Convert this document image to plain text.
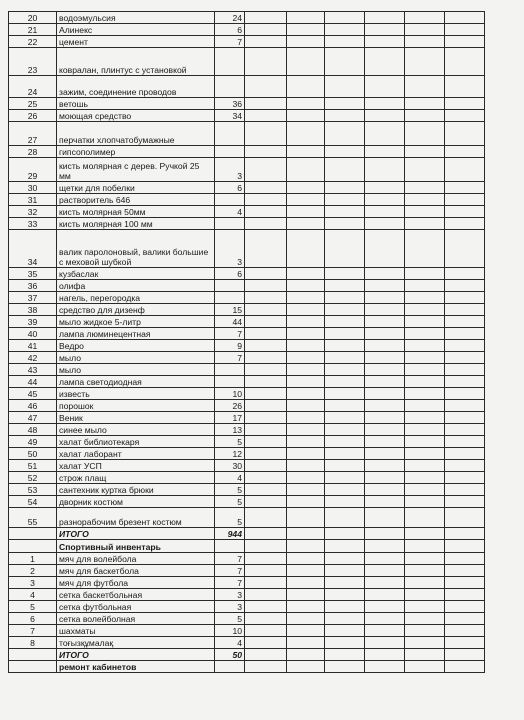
20	водоэмульсия	24						
21	Алинекс	6						
22	цемент	7						
23	ковралан, плинтус с установкой							
24	зажим, соединение проводов							
25	ветошь	36						
26	моющая средство	34						
27	перчатки хлопчатобумажные							
28	гипсополимер							
29	кисть молярная с дерев. Ручкой 25 мм	3						
30	щетки для побелки	6						
31	растворитель 646							
32	кисть молярная 50мм	4						
33	кисть молярная 100 мм							
34	валик паролоновый, валики большие с меховой шубкой	3						
35	кузбаслак	6						
36	олифа							
37	нагель, перегородка							
38	средство для дизенф	15						
39	мыло жидкое 5-литр	44						
40	лампа люминецентная	7						
41	Ведро	9						
42	мыло	7						
43	мыло							
44	лампа светодиодная							
45	известь	10						
46	порошок	26						
47	Веник	17						
48	синее мыло	13						
49	халат библиотекаря	5						
50	халат лаборант	12						
51	халат УСП	30						
52	строж плащ	4						
53	сантехник куртка брюки	5						
54	дворник костюм	5						
55	разнорабочим брезент костюм	5						
	ИТОГО	944						
	Спортивный инвентарь							
1	мяч для волейбола	7						
2	мяч для баскетбола	7						
3	мяч для футбола	7						
4	сетка баскетбольная	3						
5	сетка футбольная	3						
6	сетка волейболная	5						
7	шахматы	10						
8	тоғызқұмалақ	4						
	ИТОГО	50						
	ремонт кабинетов							
